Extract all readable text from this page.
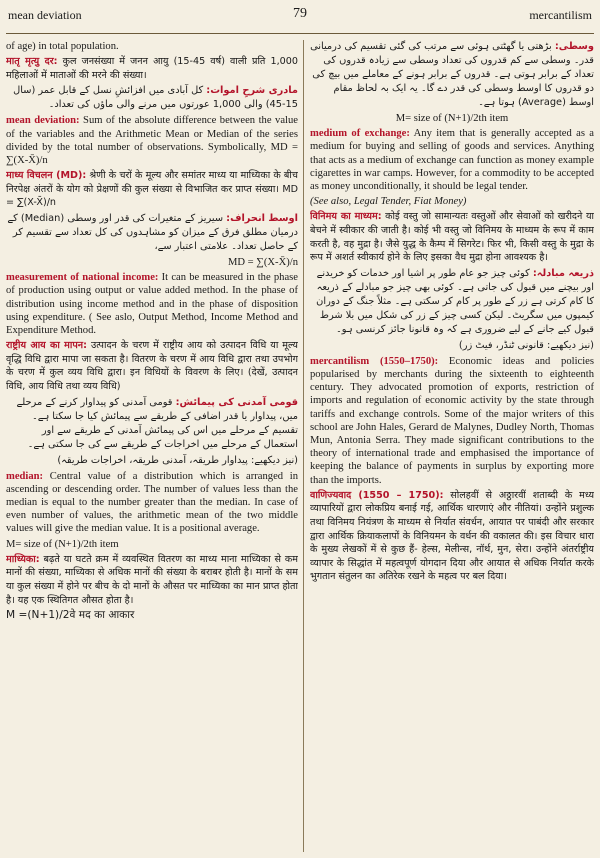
mean deviation	79	mercantilism

of age) in total population.

मातृ मृत्यु दर: कुल जनसंख्या में जनन आयु (15-45 वर्ष) वाली प्रति 1,000 महिलाओं में माताओं की मरने की संख्या।

مادری شرحِ اموات: کل آبادی میں افزائشِ نسل کے قابل عمر (سال 15-45) والی 1,000 عورتوں میں مرنے والی ماؤں کی تعداد۔

mean deviation: Sum of the absolute difference between the value of the variables and the Arithmetic Mean or Median of the series divided by the total number of observations. Symbolically, MD = ∑(X-X̄)/n

माध्य विचलन (MD): श्रेणी के चरों के मूल्य और समांतर माध्य या माध्यिका के बीच निरपेक्ष अंतरों के योग को प्रेक्षणों की कुल संख्या से विभाजित कर प्राप्त संख्या। MD = ∑(X-X̄)/n

اوسط انحراف: سیریز کے متغیرات کی قدر اور وسطی (Median) کے درمیان مطلق فرق کے میزان کو مشاہدوں کی کل تعداد سے تقسیم کر کے حاصل تعداد۔ علامتی اعتبار سے،

MD = ∑(X-X̄)/n

measurement of national income: It can be measured in the phase of production using output or value added method. In the phase of distribution using income method and in the phase of disposition using expenditure. ( See aslo, Output Method, Income Method and Expenditure Method.

राष्ट्रीय आय का मापन: उत्पादन के चरण में राष्ट्रीय आय को उत्पादन विधि या मूल्य वृद्धि विधि द्वारा मापा जा सकता है। वितरण के चरण में आय विधि द्वारा तथा उपभोग के चरण में कुल व्यय विधि द्वारा। इन विधियों के विवरण के लिए। (देखें, उत्पादन विधि, आय विधि तथा व्यय विधि)

قومی آمدنی کی پیمائش: قومی آمدنی کو پیداوار کرنے کے مرحلے میں، پیداوار یا قدر اضافی کے طریقے سے پیمائش کیا جا سکتا ہے۔ تقسیم کے مرحلے میں اس کی پیمائش آمدنی کے طریقے سے اور استعمال کے مرحلے میں اخراجات کے طریقے سے کی جا سکتی ہے۔

(نیز دیکھیے: پیداوار طریقہ، آمدنی طریقہ، اخراجات طریقہ)

median: Central value of a distribution which is arranged in ascending or descending order. The number of values less than the median is equal to the number greater than the median. In case of even number of values, the arithmetic mean of the two middle values will give the median value. It is a positional average.

M= size of (N+1)/2th item

माध्यिका: बढ़ते या घटते क्रम में व्यवस्थित वितरण का माध्य माना माध्यिका से कम मानों की संख्या, माध्यिका से अधिक मानों की संख्या के बराबर होती है। मानों के सम या कुल संख्या में होने पर बीच के दो मानों के औसत पर माध्यिका का मान प्राप्त होता है। यह एक स्थितिगत औसत होता है।

M =(N+1)/2वे मद का आकार

وسطی: بڑھتی یا گھٹتی ہوئی سے مرتب کی گئی تقسیم کی درمیانی قدر۔ وسطی سے کم قدروں کی تعداد وسطی سے زیادہ قدروں کی تعداد کے برابر ہوتی ہے۔ قدروں کے برابر ہونے کے معاملے میں بیچ کی دو قدروں کا اوسط وسطی کی قدر دے گا۔ یہ ایک بہ لحاظ مقام اوسط (Average) ہوتا ہے۔

M= size of (N+1)/2th item

medium of exchange: Any item that is generally accepted as a medium for buying and selling of goods and services. Anything that acts as a medium of exchange can function as money example cigarettes in war camps. However, for a commodity to be accepted as money unconditionally, it should be legal tender.

(See also, Legal Tender, Fiat Money)

विनिमय का माध्यम: कोई वस्तु जो सामान्यतः वस्तुओं और सेवाओं को खरीदने या बेचने में स्वीकार की जाती है। कोई भी वस्तु जो विनिमय के माध्यम के रूप में काम करती है, वह मुद्रा है। जैसे युद्ध के कैम्प में सिगरेट। फिर भी, किसी वस्तु के मुद्रा के रूप में अशर्त स्वीकार्य होने के लिए इसका वैध मुद्रा होना आवश्यक है।

ذریعہ مبادلہ: کوئی چیز جو عام طور پر اشیا اور خدمات کو خریدنے اور بیچنے میں قبول کی جاتی ہے۔ کوئی بھی چیز جو مبادلے کے ذریعہ کا کام کرتی ہے زر کے طور پر کام کر سکتی ہے۔ مثلاً جنگ کے دوران کیمپوں میں سگریٹ۔ لیکن کسی چیز کے زر کی شکل میں بلا شرط قبول کیے جانے کے لیے ضروری ہے کہ وہ قانونا جائز کرنسی ہو۔

(نیز دیکھیے: قانونی ٹنڈر، فیٹ زر)

mercantilism (1550–1750): Economic ideas and policies popularised by merchants during the sixteenth to eighteenth century. They advocated promotion of exports, restriction of imports and regulation of economic activity by the state through tariffs and exchange controls. Some of the major writers of this school are John Hales, Gerard de Malynes, Dudley North, Thomas Mun, Antonia Serra. They made significant contributions to the theory of international trade and emphasised the importance of keeping the balance of payments in surplus by exporting more than the imports.

वाणिज्यवाद (1550 – 1750): सोलहवीं से अठ्ठारवीं शताब्दी के मध्य व्यापारियों द्वारा लोकप्रिय बनाई गई, आर्थिक धारणाएं और नीतियां। उन्होंने प्रशुल्क तथा विनिमय नियंत्रण के माध्यम से निर्यात संवर्धन, आयात पर पाबंदी और सरकार द्वारा आर्थिक क्रियाकलापों के विनियमन के वर्धन की वकालत की। इस विचार धारा के मुख्य लेखकों में से कुछ हैं- हेल्स, मेलीन्स, नॉर्थ, मुन, सेरा। उन्होंने अंतर्राष्ट्रीय व्यापार के सिद्धांत में महत्वपूर्ण योगदान दिया और आयात से अधिक निर्यात करके भुगतान संतुलन का अतिरेक रखने के महत्व पर बल दिया।
